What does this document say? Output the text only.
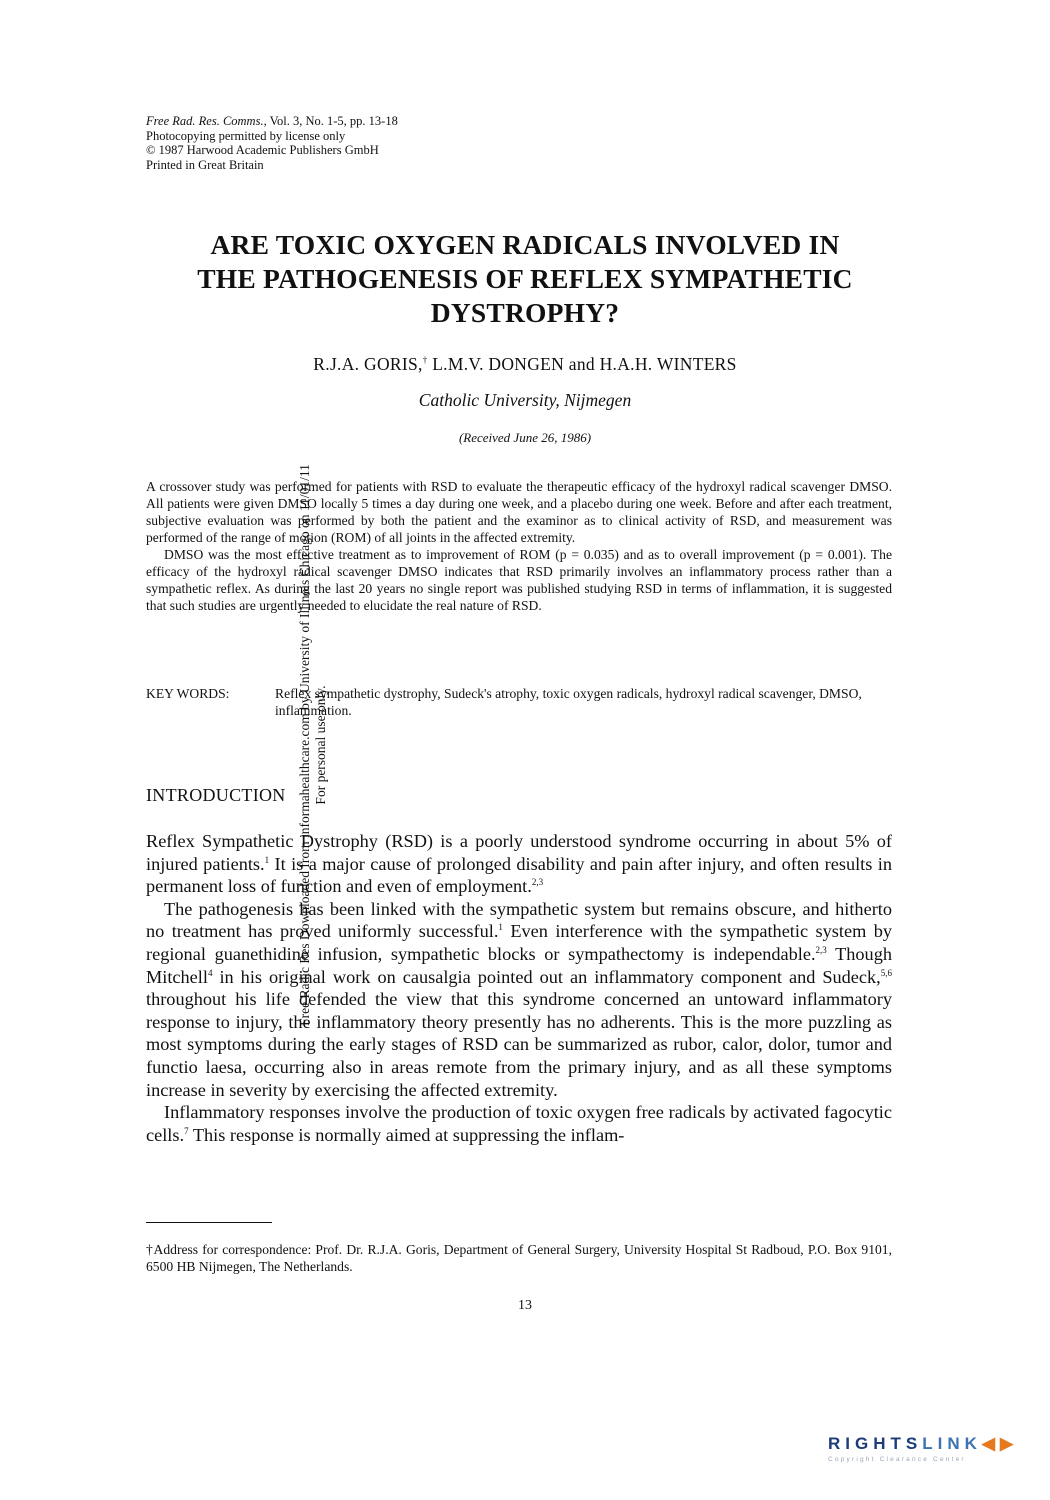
Free Rad. Res. Comms., Vol. 3, No. 1-5, pp. 13-18
Photocopying permitted by license only
© 1987 Harwood Academic Publishers GmbH
Printed in Great Britain
ARE TOXIC OXYGEN RADICALS INVOLVED IN
THE PATHOGENESIS OF REFLEX SYMPATHETIC
DYSTROPHY?
R.J.A. GORIS,† L.M.V. DONGEN and H.A.H. WINTERS
Catholic University, Nijmegen
(Received June 26, 1986)

A crossover study was performed for patients with RSD to evaluate the therapeutic efficacy of the hydroxyl radical scavenger DMSO. All patients were given DMSO locally 5 times a day during one week, and a placebo during one week. Before and after each treatment, subjective evaluation was performed by both the patient and the examinor as to clinical activity of RSD, and measurement was performed of the range of motion (ROM) of all joints in the affected extremity.

DMSO was the most effective treatment as to improvement of ROM (p = 0.035) and as to overall improvement (p = 0.001). The efficacy of the hydroxyl radical scavenger DMSO indicates that RSD primarily involves an inflammatory process rather than a sympathetic reflex. As during the last 20 years no single report was published studying RSD in terms of inflammation, it is suggested that such studies are urgently needed to elucidate the real nature of RSD.

KEY WORDS:	Reflex sympathetic dystrophy, Sudeck's atrophy, toxic oxygen radicals, hydroxyl radical scavenger, DMSO, inflammation.
INTRODUCTION

Reflex Sympathetic Dystrophy (RSD) is a poorly understood syndrome occurring in about 5% of injured patients.$^1$ It is a major cause of prolonged disability and pain after injury, and often results in permanent loss of function and even of employment.$^{2,3}$

The pathogenesis has been linked with the sympathetic system but remains obscure, and hitherto no treatment has proved uniformly successful.$^1$ Even interference with the sympathetic system by regional guanethidine infusion, sympathetic blocks or sympathectomy is independable.$^{2,3}$ Though Mitchell$^4$ in his original work on causalgia pointed out an inflammatory component and Sudeck,$^{5,6}$ throughout his life defended the view that this syndrome concerned an untoward inflammatory response to injury, the inflammatory theory presently has no adherents. This is the more puzzling as most symptoms during the early stages of RSD can be summarized as rubor, calor, dolor, tumor and functio laesa, occurring also in areas remote from the primary injury, and as all these symptoms increase in severity by exercising the affected extremity.

Inflammatory responses involve the production of toxic oxygen free radicals by activated fagocytic cells.$^7$ This response is normally aimed at suppressing the inflam-

†Address for correspondence: Prof. Dr. R.J.A. Goris, Department of General Surgery, University Hospital St Radboud, P.O. Box 9101, 6500 HB Nijmegen, The Netherlands.
13
Free Radic Res Downloaded from informahealthcare.com by University of Illinois Chicago on 11/01/11 For personal use only.
RIGHTSLINK◀▶
Copyright Clearance Center
